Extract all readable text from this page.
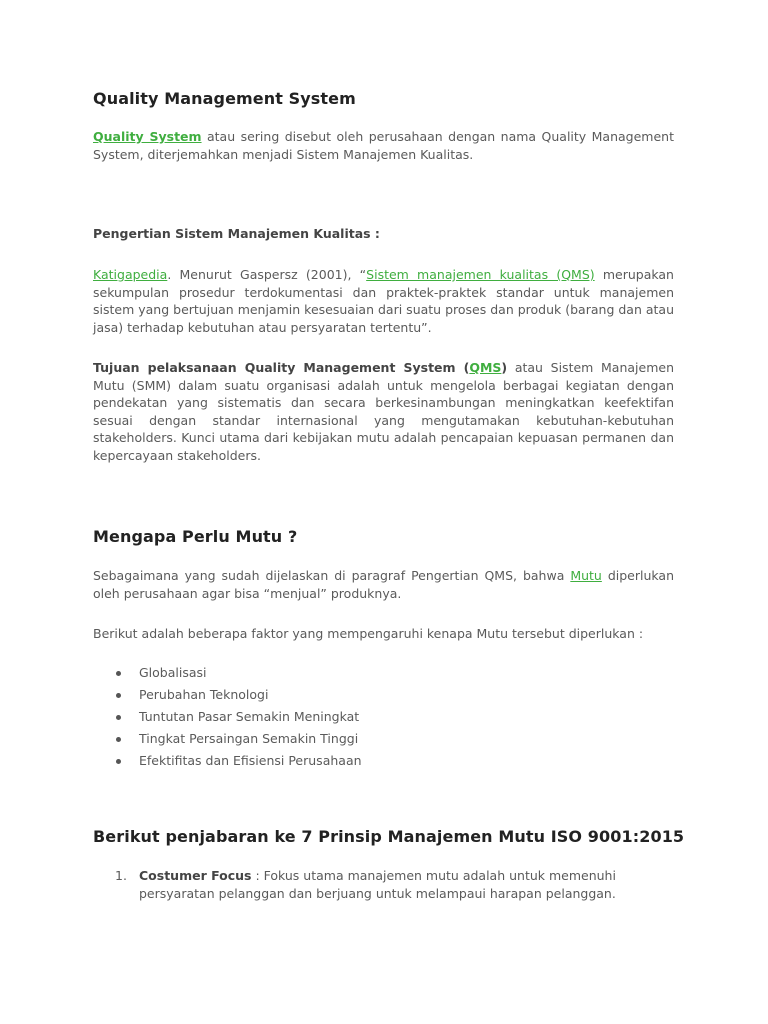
Quality Management System

Quality System atau sering disebut oleh perusahaan dengan nama Quality Management System, diterjemahkan menjadi Sistem Manajemen Kualitas.

Pengertian Sistem Manajemen Kualitas :

Katigapedia. Menurut Gaspersz (2001), “Sistem manajemen kualitas (QMS) merupakan sekumpulan prosedur terdokumentasi dan praktek-praktek standar untuk manajemen sistem yang bertujuan menjamin kesesuaian dari suatu proses dan produk (barang dan atau jasa) terhadap kebutuhan atau persyaratan tertentu”.

Tujuan pelaksanaan Quality Management System (QMS) atau Sistem Manajemen Mutu (SMM) dalam suatu organisasi adalah untuk mengelola berbagai kegiatan dengan pendekatan yang sistematis dan secara berkesinambungan meningkatkan keefektifan sesuai dengan standar internasional yang mengutamakan kebutuhan-kebutuhan stakeholders. Kunci utama dari kebijakan mutu adalah pencapaian kepuasan permanen dan kepercayaan stakeholders.

Mengapa Perlu Mutu ?

Sebagaimana yang sudah dijelaskan di paragraf Pengertian QMS, bahwa Mutu diperlukan oleh perusahaan agar bisa “menjual” produknya.

Berikut adalah beberapa faktor yang mempengaruhi kenapa Mutu tersebut diperlukan :

Globalisasi
Perubahan Teknologi
Tuntutan Pasar Semakin Meningkat
Tingkat Persaingan Semakin Tinggi
Efektifitas dan Efisiensi Perusahaan
Berikut penjabaran ke 7 Prinsip Manajemen Mutu ISO 9001:2015
1. Costumer Focus : Fokus utama manajemen mutu adalah untuk memenuhi persyaratan pelanggan dan berjuang untuk melampaui harapan pelanggan.
